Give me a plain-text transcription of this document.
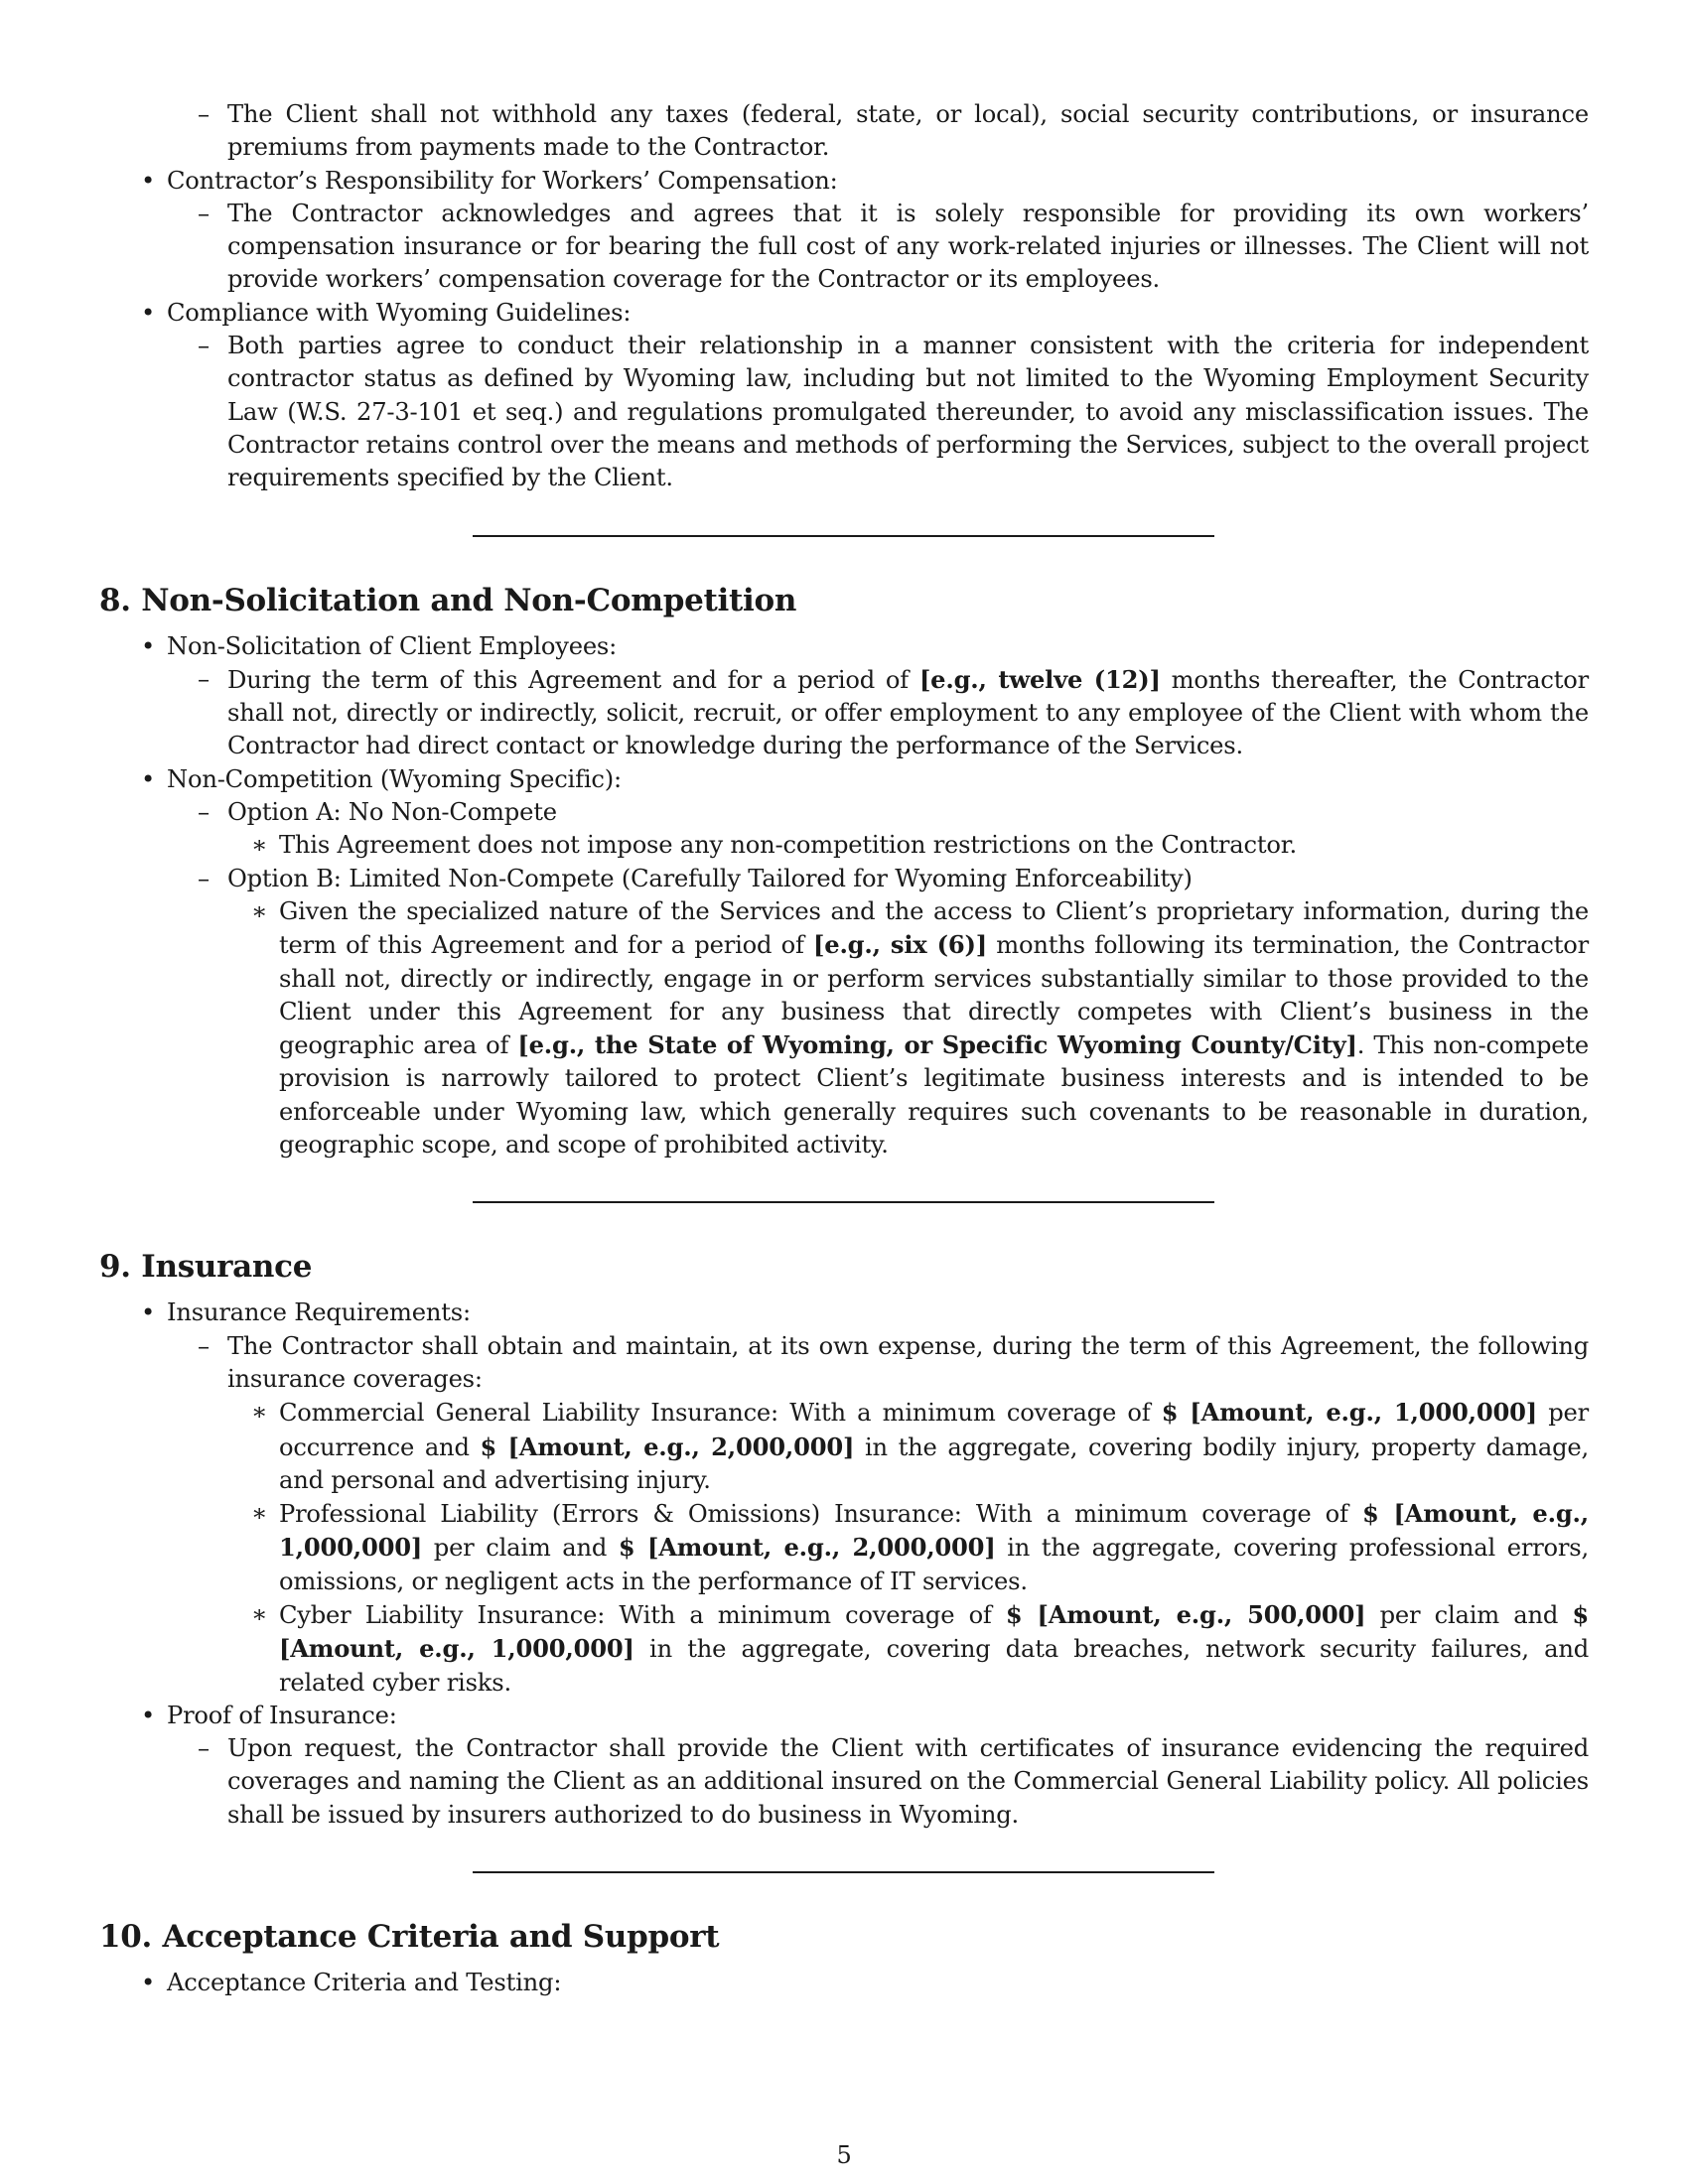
– The Client shall not withhold any taxes (federal, state, or local), social security contributions, or insurance premiums from payments made to the Contractor.
• Contractor’s Responsibility for Workers’ Compensation:
– The Contractor acknowledges and agrees that it is solely responsible for providing its own workers’ compensation insurance or for bearing the full cost of any work-related injuries or illnesses. The Client will not provide workers’ compensation coverage for the Contractor or its employees.
• Compliance with Wyoming Guidelines:
– Both parties agree to conduct their relationship in a manner consistent with the criteria for independent contractor status as defined by Wyoming law, including but not limited to the Wyoming Employment Security Law (W.S. 27-3-101 et seq.) and regulations promulgated thereunder, to avoid any misclassification issues. The Contractor retains control over the means and methods of performing the Services, subject to the overall project requirements specified by the Client.
8. Non-Solicitation and Non-Competition
• Non-Solicitation of Client Employees:
– During the term of this Agreement and for a period of [e.g., twelve (12)] months thereafter, the Contractor shall not, directly or indirectly, solicit, recruit, or offer employment to any employee of the Client with whom the Contractor had direct contact or knowledge during the performance of the Services.
• Non-Competition (Wyoming Specific):
– Option A: No Non-Compete
∗ This Agreement does not impose any non-competition restrictions on the Contractor.
– Option B: Limited Non-Compete (Carefully Tailored for Wyoming Enforceability)
∗ Given the specialized nature of the Services and the access to Client’s proprietary information, during the term of this Agreement and for a period of [e.g., six (6)] months following its termination, the Contractor shall not, directly or indirectly, engage in or perform services substantially similar to those provided to the Client under this Agreement for any business that directly competes with Client’s business in the geographic area of [e.g., the State of Wyoming, or Specific Wyoming County/City]. This non-compete provision is narrowly tailored to protect Client’s legitimate business interests and is intended to be enforceable under Wyoming law, which generally requires such covenants to be reasonable in duration, geographic scope, and scope of prohibited activity.
9. Insurance
• Insurance Requirements:
– The Contractor shall obtain and maintain, at its own expense, during the term of this Agreement, the following insurance coverages:
∗ Commercial General Liability Insurance: With a minimum coverage of $ [Amount, e.g., 1,000,000] per occurrence and $ [Amount, e.g., 2,000,000] in the aggregate, covering bodily injury, property damage, and personal and advertising injury.
∗ Professional Liability (Errors & Omissions) Insurance: With a minimum coverage of $ [Amount, e.g., 1,000,000] per claim and $ [Amount, e.g., 2,000,000] in the aggregate, covering professional errors, omissions, or negligent acts in the performance of IT services.
∗ Cyber Liability Insurance: With a minimum coverage of $ [Amount, e.g., 500,000] per claim and $ [Amount, e.g., 1,000,000] in the aggregate, covering data breaches, network security failures, and related cyber risks.
• Proof of Insurance:
– Upon request, the Contractor shall provide the Client with certificates of insurance evidencing the required coverages and naming the Client as an additional insured on the Commercial General Liability policy. All policies shall be issued by insurers authorized to do business in Wyoming.
10. Acceptance Criteria and Support
• Acceptance Criteria and Testing:
5
